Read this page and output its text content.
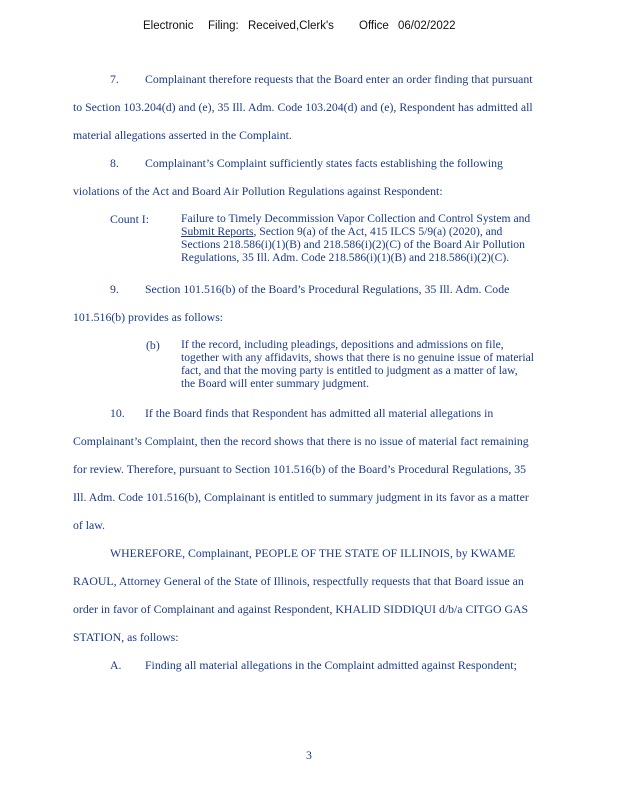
Electronic Filing: Received,Clerk's Office 06/02/2022
7. Complainant therefore requests that the Board enter an order finding that pursuant
to Section 103.204(d) and (e), 35 Ill. Adm. Code 103.204(d) and (e), Respondent has admitted all
material allegations asserted in the Complaint.
8. Complainant’s Complaint sufficiently states facts establishing the following
violations of the Act and Board Air Pollution Regulations against Respondent:
Count I:	Failure to Timely Decommission Vapor Collection and Control System and
Submit Reports, Section 9(a) of the Act, 415 ILCS 5/9(a) (2020), and
Sections 218.586(i)(1)(B) and 218.586(i)(2)(C) of the Board Air Pollution
Regulations, 35 Ill. Adm. Code 218.586(i)(1)(B) and 218.586(i)(2)(C).
9. Section 101.516(b) of the Board’s Procedural Regulations, 35 Ill. Adm. Code
101.516(b) provides as follows:
(b) If the record, including pleadings, depositions and admissions on file,
together with any affidavits, shows that there is no genuine issue of material
fact, and that the moving party is entitled to judgment as a matter of law,
the Board will enter summary judgment.
10. If the Board finds that Respondent has admitted all material allegations in
Complainant’s Complaint, then the record shows that there is no issue of material fact remaining
for review. Therefore, pursuant to Section 101.516(b) of the Board’s Procedural Regulations, 35
Ill. Adm. Code 101.516(b), Complainant is entitled to summary judgment in its favor as a matter
of law.
WHEREFORE, Complainant, PEOPLE OF THE STATE OF ILLINOIS, by KWAME
RAOUL, Attorney General of the State of Illinois, respectfully requests that that Board issue an
order in favor of Complainant and against Respondent, KHALID SIDDIQUI d/b/a CITGO GAS
STATION, as follows:
A. Finding all material allegations in the Complaint admitted against Respondent;
3
